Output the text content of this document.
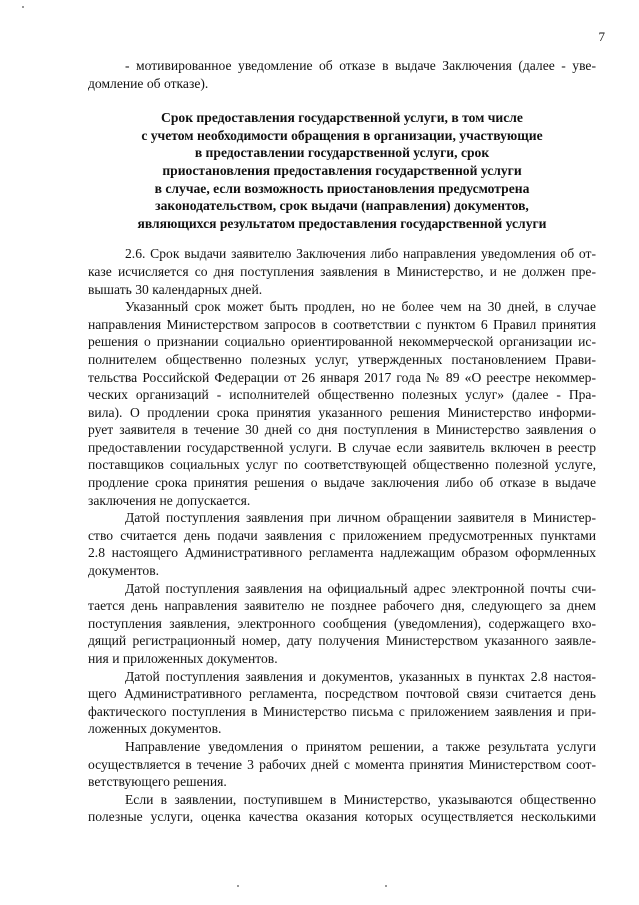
7
- мотивированное уведомление об отказе в выдаче Заключения (далее - уве-
домление об отказе).
Срок предоставления государственной услуги, в том числе
с учетом необходимости обращения в организации, участвующие
в предоставлении государственной услуги, срок
приостановления предоставления государственной услуги
в случае, если возможность приостановления предусмотрена
законодательством, срок выдачи (направления) документов,
являющихся результатом предоставления государственной услуги
2.6. Срок выдачи заявителю Заключения либо направления уведомления об от-
казе исчисляется со дня поступления заявления в Министерство, и не должен пре-
вышать 30 календарных дней.
Указанный срок может быть продлен, но не более чем на 30 дней, в случае
направления Министерством запросов в соответствии с пунктом 6 Правил принятия
решения о признании социально ориентированной некоммерческой организации ис-
полнителем общественно полезных услуг, утвержденных постановлением Прави-
тельства Российской Федерации от 26 января 2017 года № 89 «О реестре некоммер-
ческих организаций - исполнителей общественно полезных услуг» (далее - Пра-
вила). О продлении срока принятия указанного решения Министерство информи-
рует заявителя в течение 30 дней со дня поступления в Министерство заявления о
предоставлении государственной услуги. В случае если заявитель включен в реестр
поставщиков социальных услуг по соответствующей общественно полезной услуге,
продление срока принятия решения о выдаче заключения либо об отказе в выдаче
заключения не допускается.
Датой поступления заявления при личном обращении заявителя в Министер-
ство считается день подачи заявления с приложением предусмотренных пунктами
2.8 настоящего Административного регламента надлежащим образом оформленных
документов.
Датой поступления заявления на официальный адрес электронной почты счи-
тается день направления заявителю не позднее рабочего дня, следующего за днем
поступления заявления, электронного сообщения (уведомления), содержащего вхо-
дящий регистрационный номер, дату получения Министерством указанного заявле-
ния и приложенных документов.
Датой поступления заявления и документов, указанных в пунктах 2.8 настоя-
щего Административного регламента, посредством почтовой связи считается день
фактического поступления в Министерство письма с приложением заявления и при-
ложенных документов.
Направление уведомления о принятом решении, а также результата услуги
осуществляется в течение 3 рабочих дней с момента принятия Министерством соот-
ветствующего решения.
Если в заявлении, поступившем в Министерство, указываются общественно
полезные услуги, оценка качества оказания которых осуществляется несколькими
